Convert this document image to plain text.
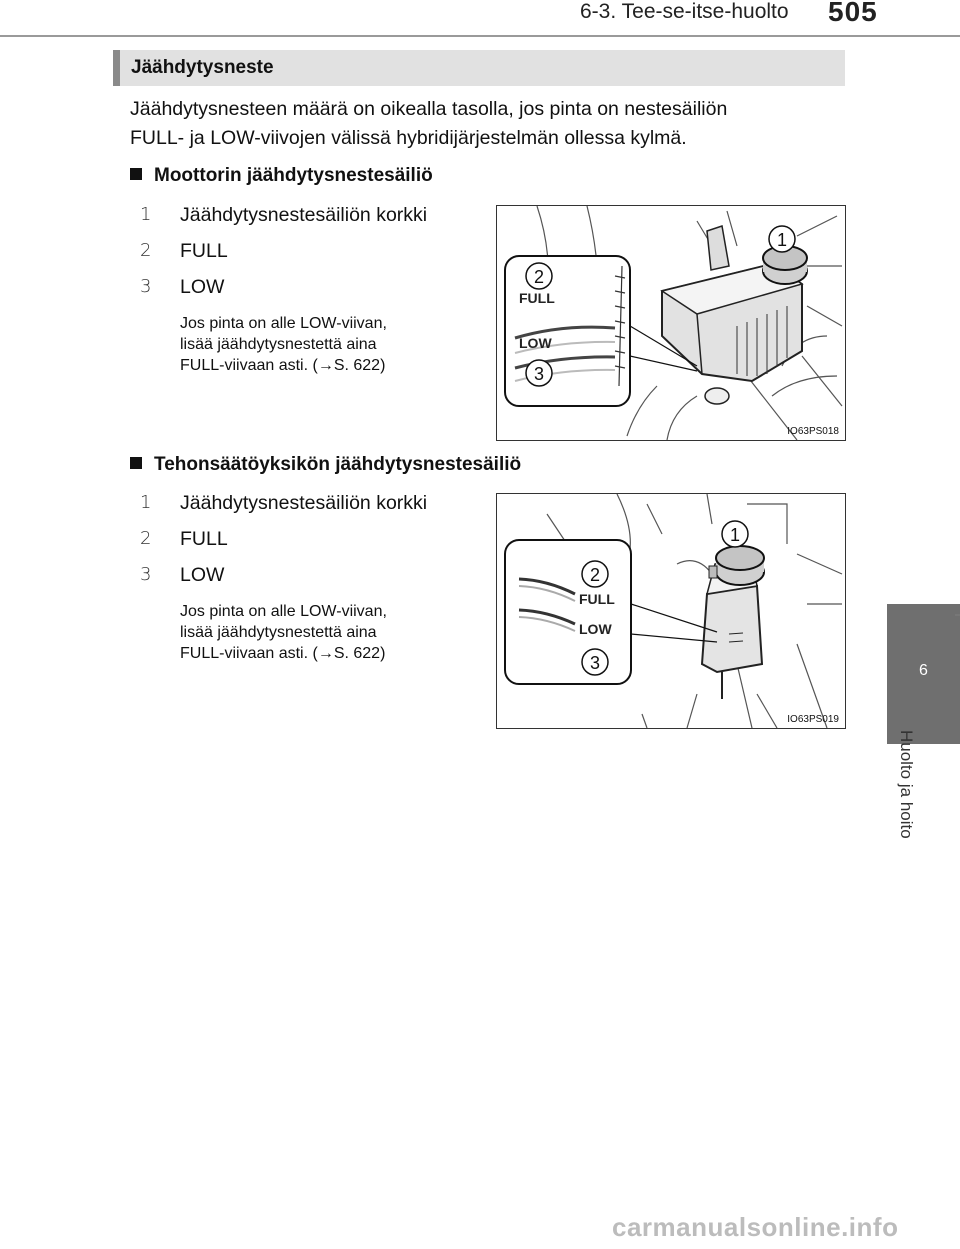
6-3. Tee-se-itse-huolto 505
6
Huolto ja hoito
Jäähdytysneste
Jäähdytysnesteen määrä on oikealla tasolla, jos pinta on nestesäiliön
FULL- ja LOW-viivojen välissä hybridijärjestelmän ollessa kylmä.
Moottorin jäähdytysnestesäiliö
1	Jäähdytysnestesäiliön korkki
2	FULL
3	LOW
Jos pinta on alle LOW-viivan,
lisää jäähdytysnestettä aina
FULL-viivaan asti. (→S. 622)
FULL
LOW
1
2
3
IO63PS018
Tehonsäätöyksikön jäähdytysnestesäiliö
1	Jäähdytysnestesäiliön korkki
2	FULL
3	LOW
Jos pinta on alle LOW-viivan,
lisää jäähdytysnestettä aina
FULL-viivaan asti. (→S. 622)
FULL
LOW
1
2
3
IO63PS019
carmanualsonline.info
